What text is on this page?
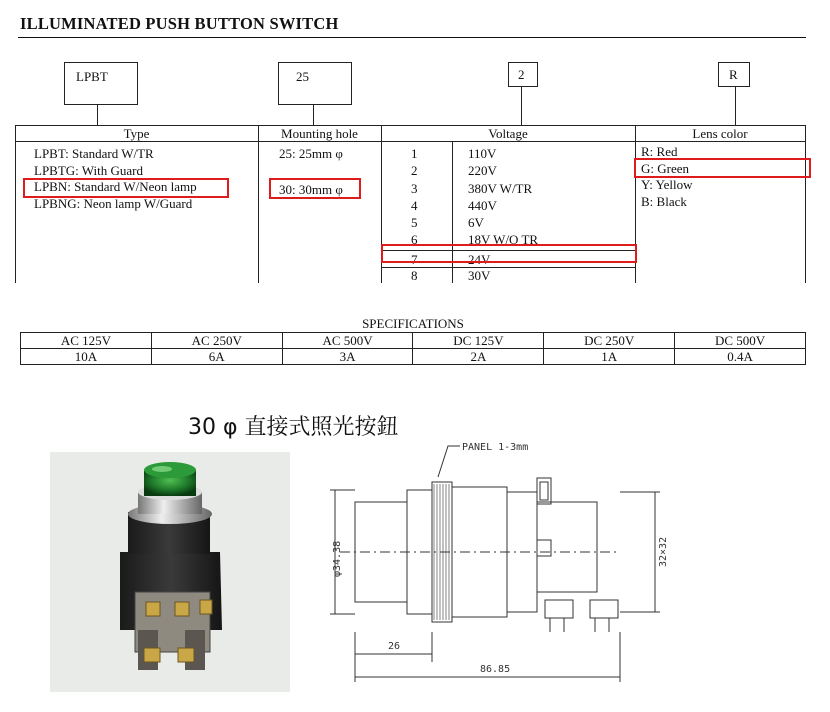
ILLUMINATED PUSH BUTTON SWITCH
LPBT	25	2	R
Type	Mounting hole	Voltage	Lens color
LPBT: Standard W/TR
LPBTG: With Guard
LPBN: Standard W/Neon lamp
LPBNG: Neon lamp W/Guard
25: 25mm φ
30: 30mm φ
1	110V
2	220V
3	380V W/TR
4	440V
5	6V
6	18V W/O TR
7	24V
8	30V
R: Red
G: Green
Y: Yellow
B: Black
SPECIFICATIONS
AC 125V	AC 250V	AC 500V	DC 125V	DC 250V	DC 500V
10A	6A	3A	2A	1A	0.4A
30 φ 直接式照光按鈕
PANEL 1-3mm
φ34.38	32×32
26
86.85
